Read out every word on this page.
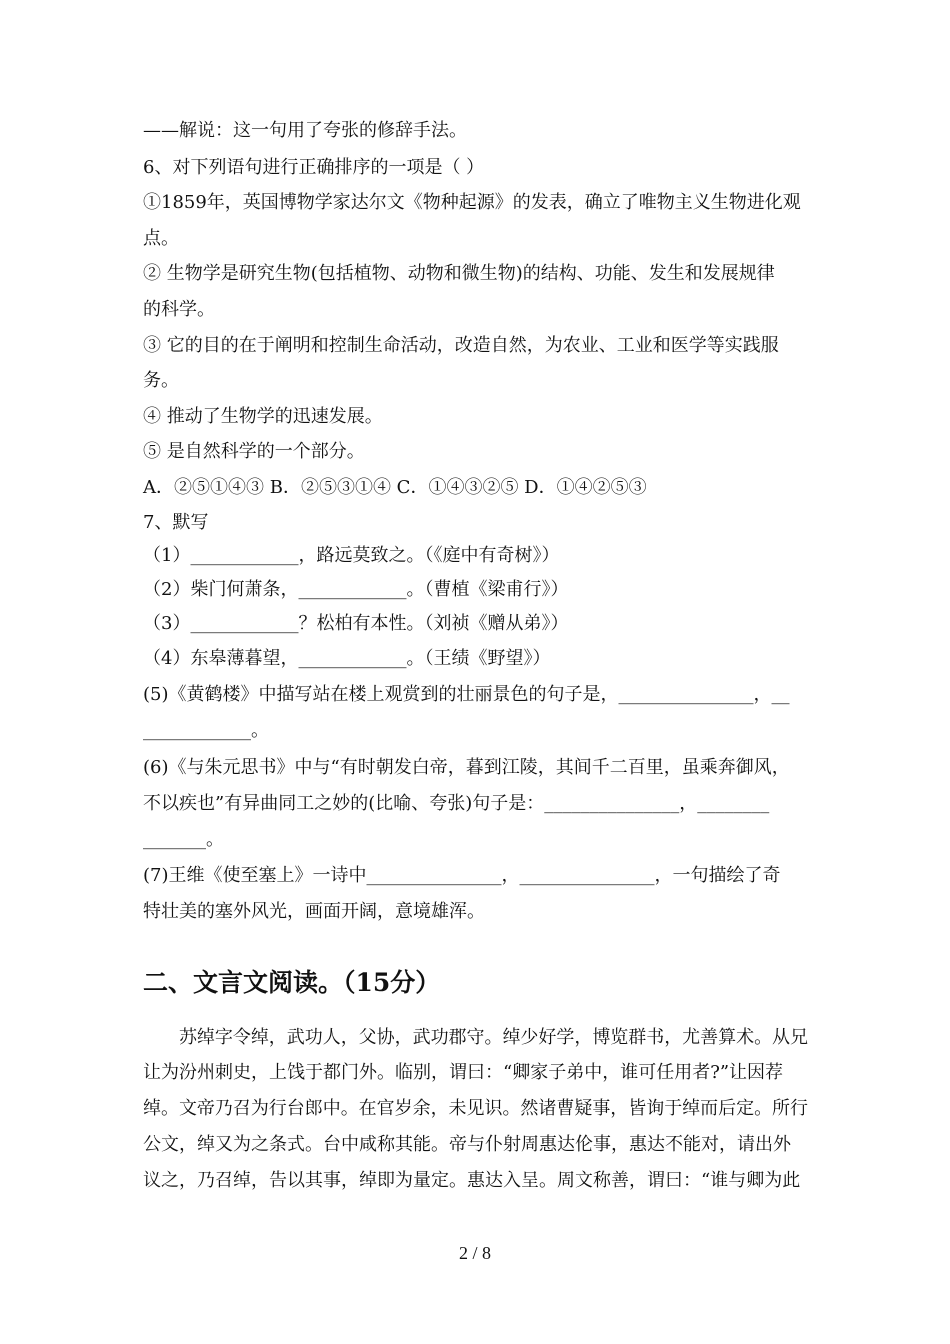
——解说：这一句用了夸张的修辞手法。
6、对下列语句进行正确排序的一项是（ ）
①1859年，英国博物学家达尔文《物种起源》的发表，确立了唯物主义生物进化观
点。
② 生物学是研究生物(包括植物、动物和微生物)的结构、功能、发生和发展规律
的科学。
③ 它的目的在于阐明和控制生命活动，改造自然，为农业、工业和医学等实践服
务。
④ 推动了生物学的迅速发展。
⑤ 是自然科学的一个部分。
A．②⑤①④③ B．②⑤③①④ C．①④③②⑤ D．①④②⑤③
7、默写
（1）____________，路远莫致之。（《庭中有奇树》）
（2）柴门何萧条，____________。（曹植《梁甫行》）
（3）____________？松柏有本性。（刘祯《赠从弟》）
（4）东皋薄暮望，____________。（王绩《野望》）
(5)《黄鹤楼》中描写站在楼上观赏到的壮丽景色的句子是，_______________，__
____________。
(6)《与朱元思书》中与“有时朝发白帝，暮到江陵，其间千二百里，虽乘奔御风，
不以疾也”有异曲同工之妙的(比喻、夸张)句子是：_______________，________
_______。
(7)王维《使至塞上》一诗中_______________，_______________，一句描绘了奇
特壮美的塞外风光，画面开阔，意境雄浑。
二、文言文阅读。（15分）
　　苏绰字令绰，武功人，父协，武功郡守。绰少好学，博览群书，尤善算术。从兄
让为汾州刺史，上饯于都门外。临别，谓曰：“卿家子弟中，谁可任用者?”让因荐
绰。文帝乃召为行台郎中。在官岁余，未见识。然诸曹疑事，皆询于绰而后定。所行
公文，绰又为之条式。台中咸称其能。帝与仆射周惠达伦事，惠达不能对，请出外
议之，乃召绰，告以其事，绰即为量定。惠达入呈。周文称善，谓曰：“谁与卿为此
2 / 8
